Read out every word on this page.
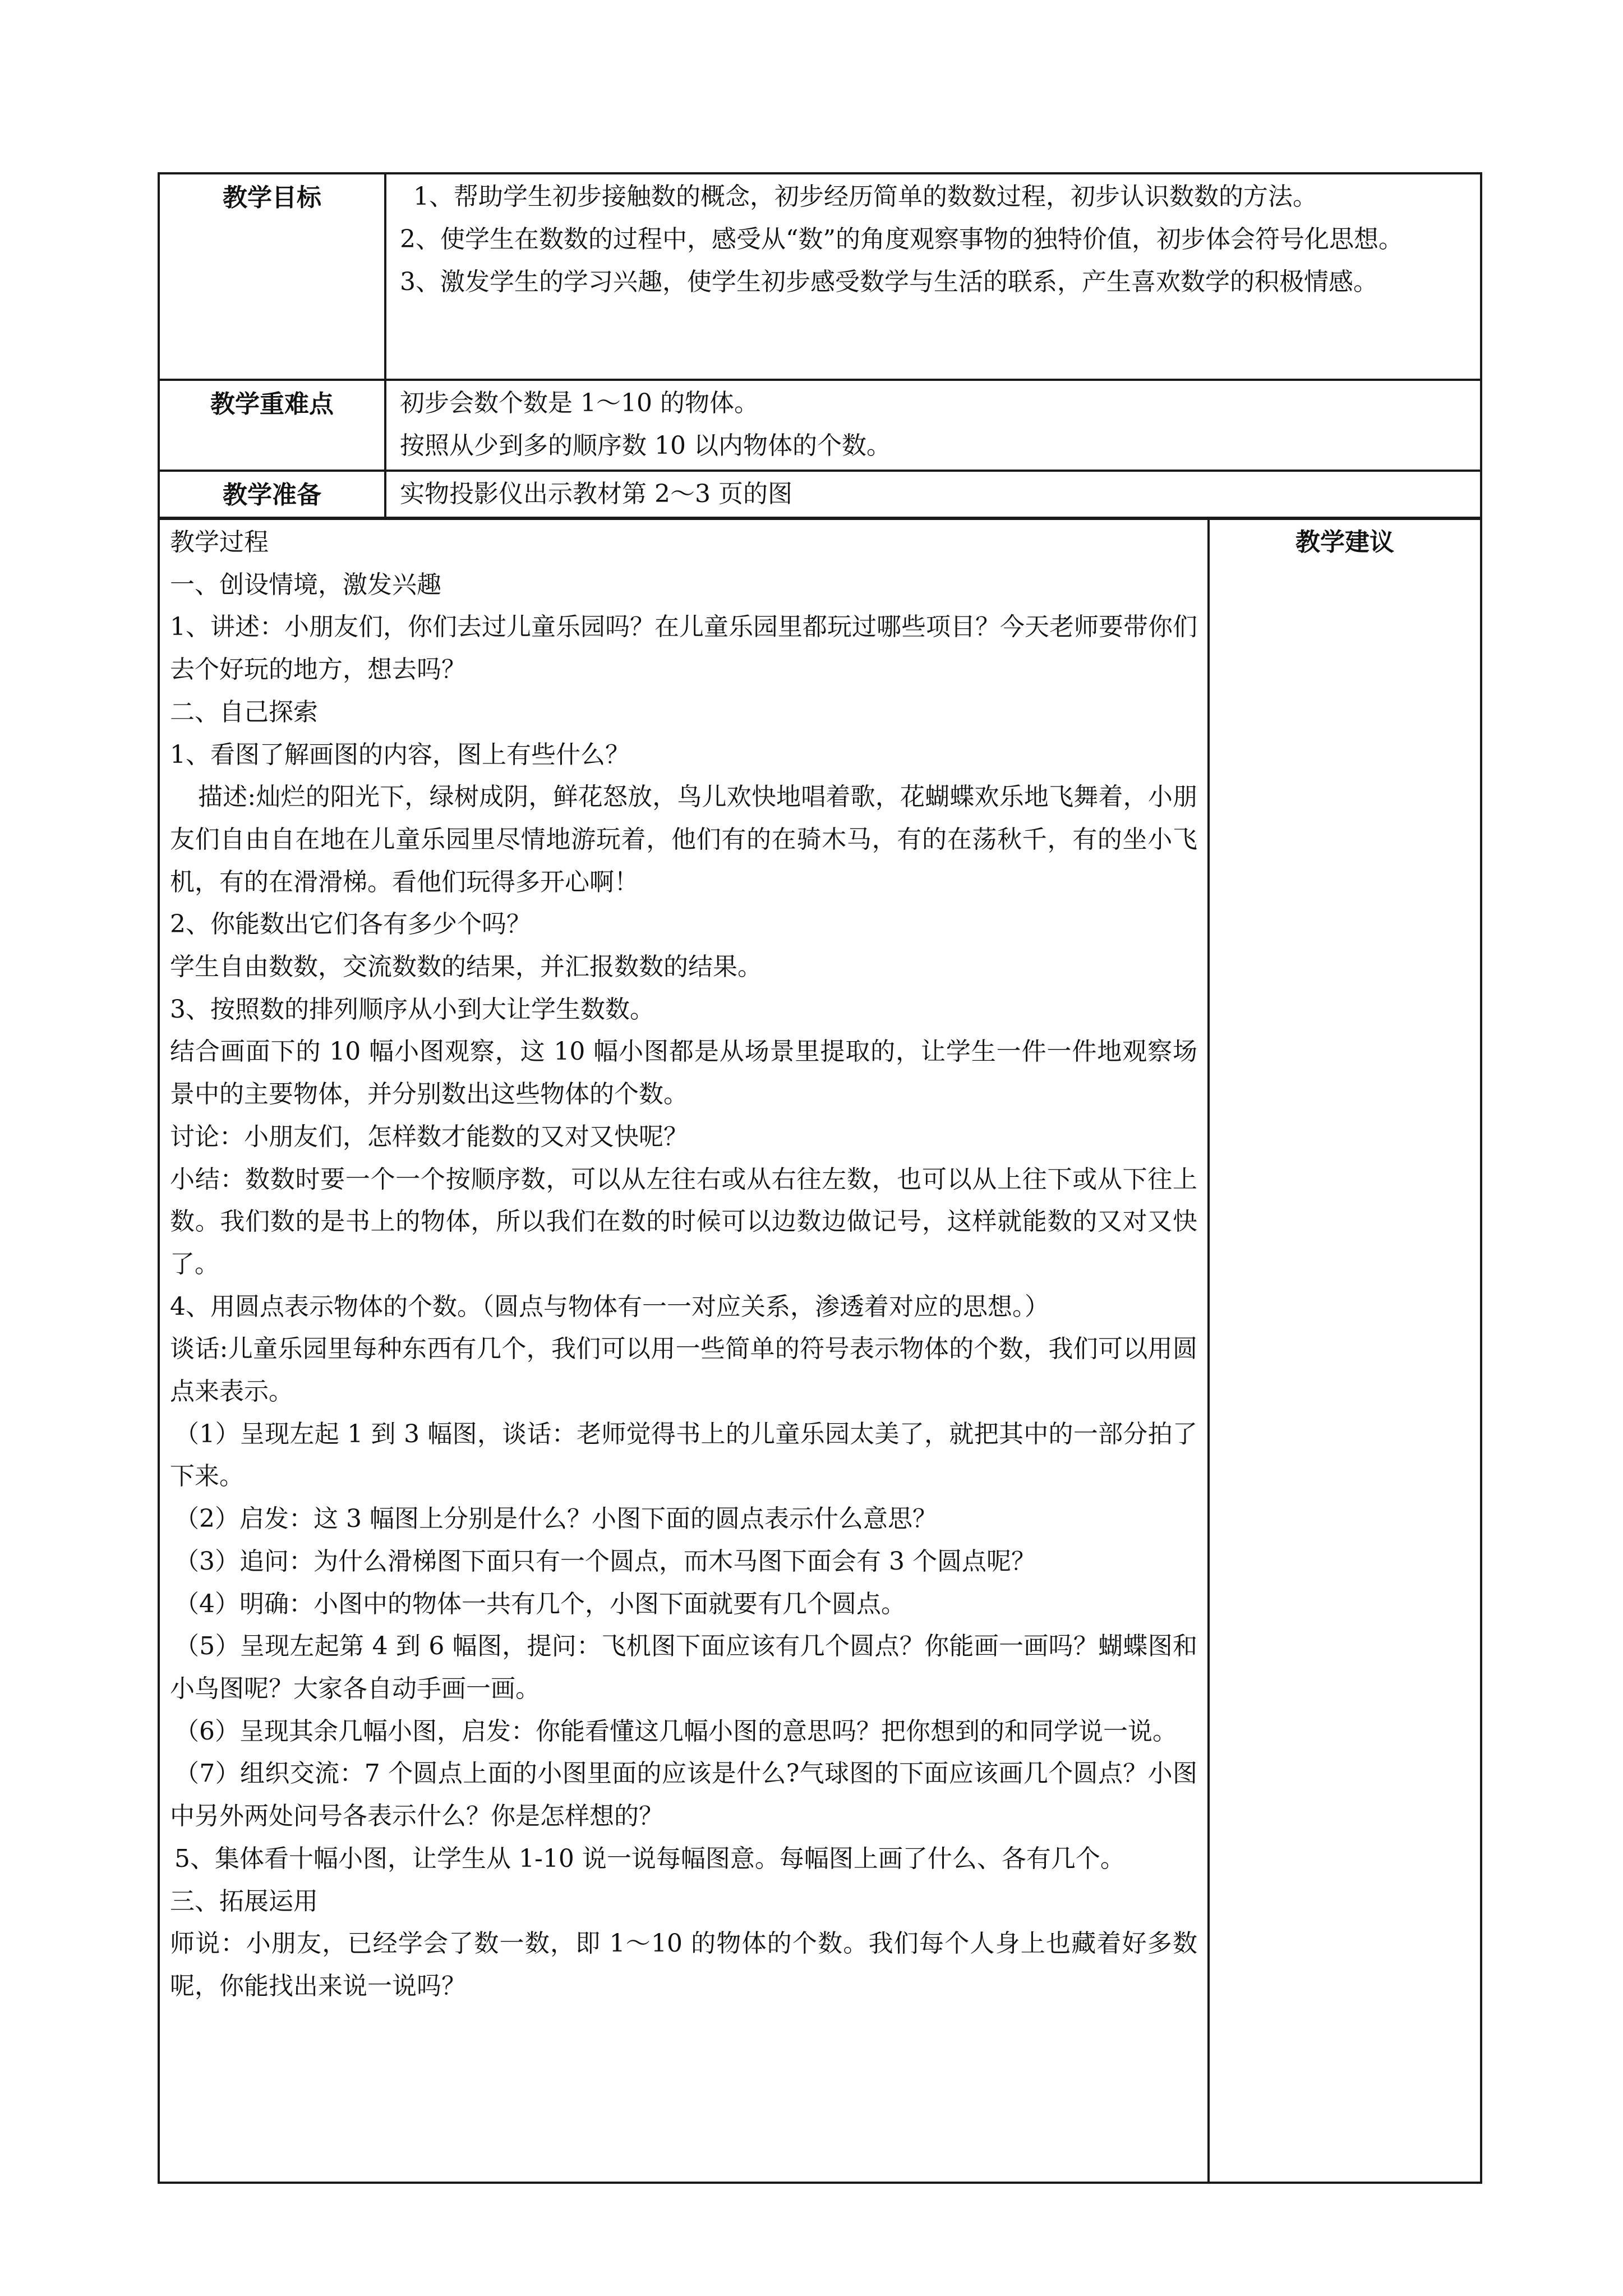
教学目标	1、帮助学生初步接触数的概念，初步经历简单的数数过程，初步认识数数的方法。

2、使学生在数数的过程中，感受从“数”的角度观察事物的独特价值，初步体会符号化思想。

3、激发学生的学习兴趣，使学生初步感受数学与生活的联系，产生喜欢数学的积极情感。

教学重难点	初步会数个数是 1～10 的物体。

按照从少到多的顺序数 10 以内物体的个数。

教学准备	实物投影仪出示教材第 2～3 页的图

教学过程

一、创设情境，激发兴趣

1、讲述：小朋友们，你们去过儿童乐园吗？在儿童乐园里都玩过哪些项目？今天老师要带你们去个好玩的地方，想去吗？

二、自己探索

1、看图了解画图的内容，图上有些什么？

描述:灿烂的阳光下，绿树成阴，鲜花怒放，鸟儿欢快地唱着歌，花蝴蝶欢乐地飞舞着，小朋友们自由自在地在儿童乐园里尽情地游玩着，他们有的在骑木马，有的在荡秋千，有的坐小飞机，有的在滑滑梯。看他们玩得多开心啊！

2、你能数出它们各有多少个吗？

学生自由数数，交流数数的结果，并汇报数数的结果。

3、按照数的排列顺序从小到大让学生数数。

结合画面下的 10 幅小图观察，这 10 幅小图都是从场景里提取的，让学生一件一件地观察场景中的主要物体，并分别数出这些物体的个数。

讨论：小朋友们，怎样数才能数的又对又快呢？

小结：数数时要一个一个按顺序数，可以从左往右或从右往左数，也可以从上往下或从下往上数。我们数的是书上的物体，所以我们在数的时候可以边数边做记号，这样就能数的又对又快了。

4、用圆点表示物体的个数。（圆点与物体有一一对应关系，渗透着对应的思想。）

谈话:儿童乐园里每种东西有几个，我们可以用一些简单的符号表示物体的个数，我们可以用圆点来表示。

（1）呈现左起 1 到 3 幅图，谈话：老师觉得书上的儿童乐园太美了，就把其中的一部分拍了下来。

（2）启发：这 3 幅图上分别是什么？小图下面的圆点表示什么意思？

（3）追问：为什么滑梯图下面只有一个圆点，而木马图下面会有 3 个圆点呢？

（4）明确：小图中的物体一共有几个，小图下面就要有几个圆点。

（5）呈现左起第 4 到 6 幅图，提问：飞机图下面应该有几个圆点？你能画一画吗？蝴蝶图和小鸟图呢？大家各自动手画一画。

（6）呈现其余几幅小图，启发：你能看懂这几幅小图的意思吗？把你想到的和同学说一说。

（7）组织交流：7 个圆点上面的小图里面的应该是什么?气球图的下面应该画几个圆点？小图中另外两处问号各表示什么？你是怎样想的？

5、集体看十幅小图，让学生从 1-10 说一说每幅图意。每幅图上画了什么、各有几个。

三、拓展运用

师说：小朋友，已经学会了数一数，即 1～10 的物体的个数。我们每个人身上也藏着好多数呢，你能找出来说一说吗？

	教学建议
